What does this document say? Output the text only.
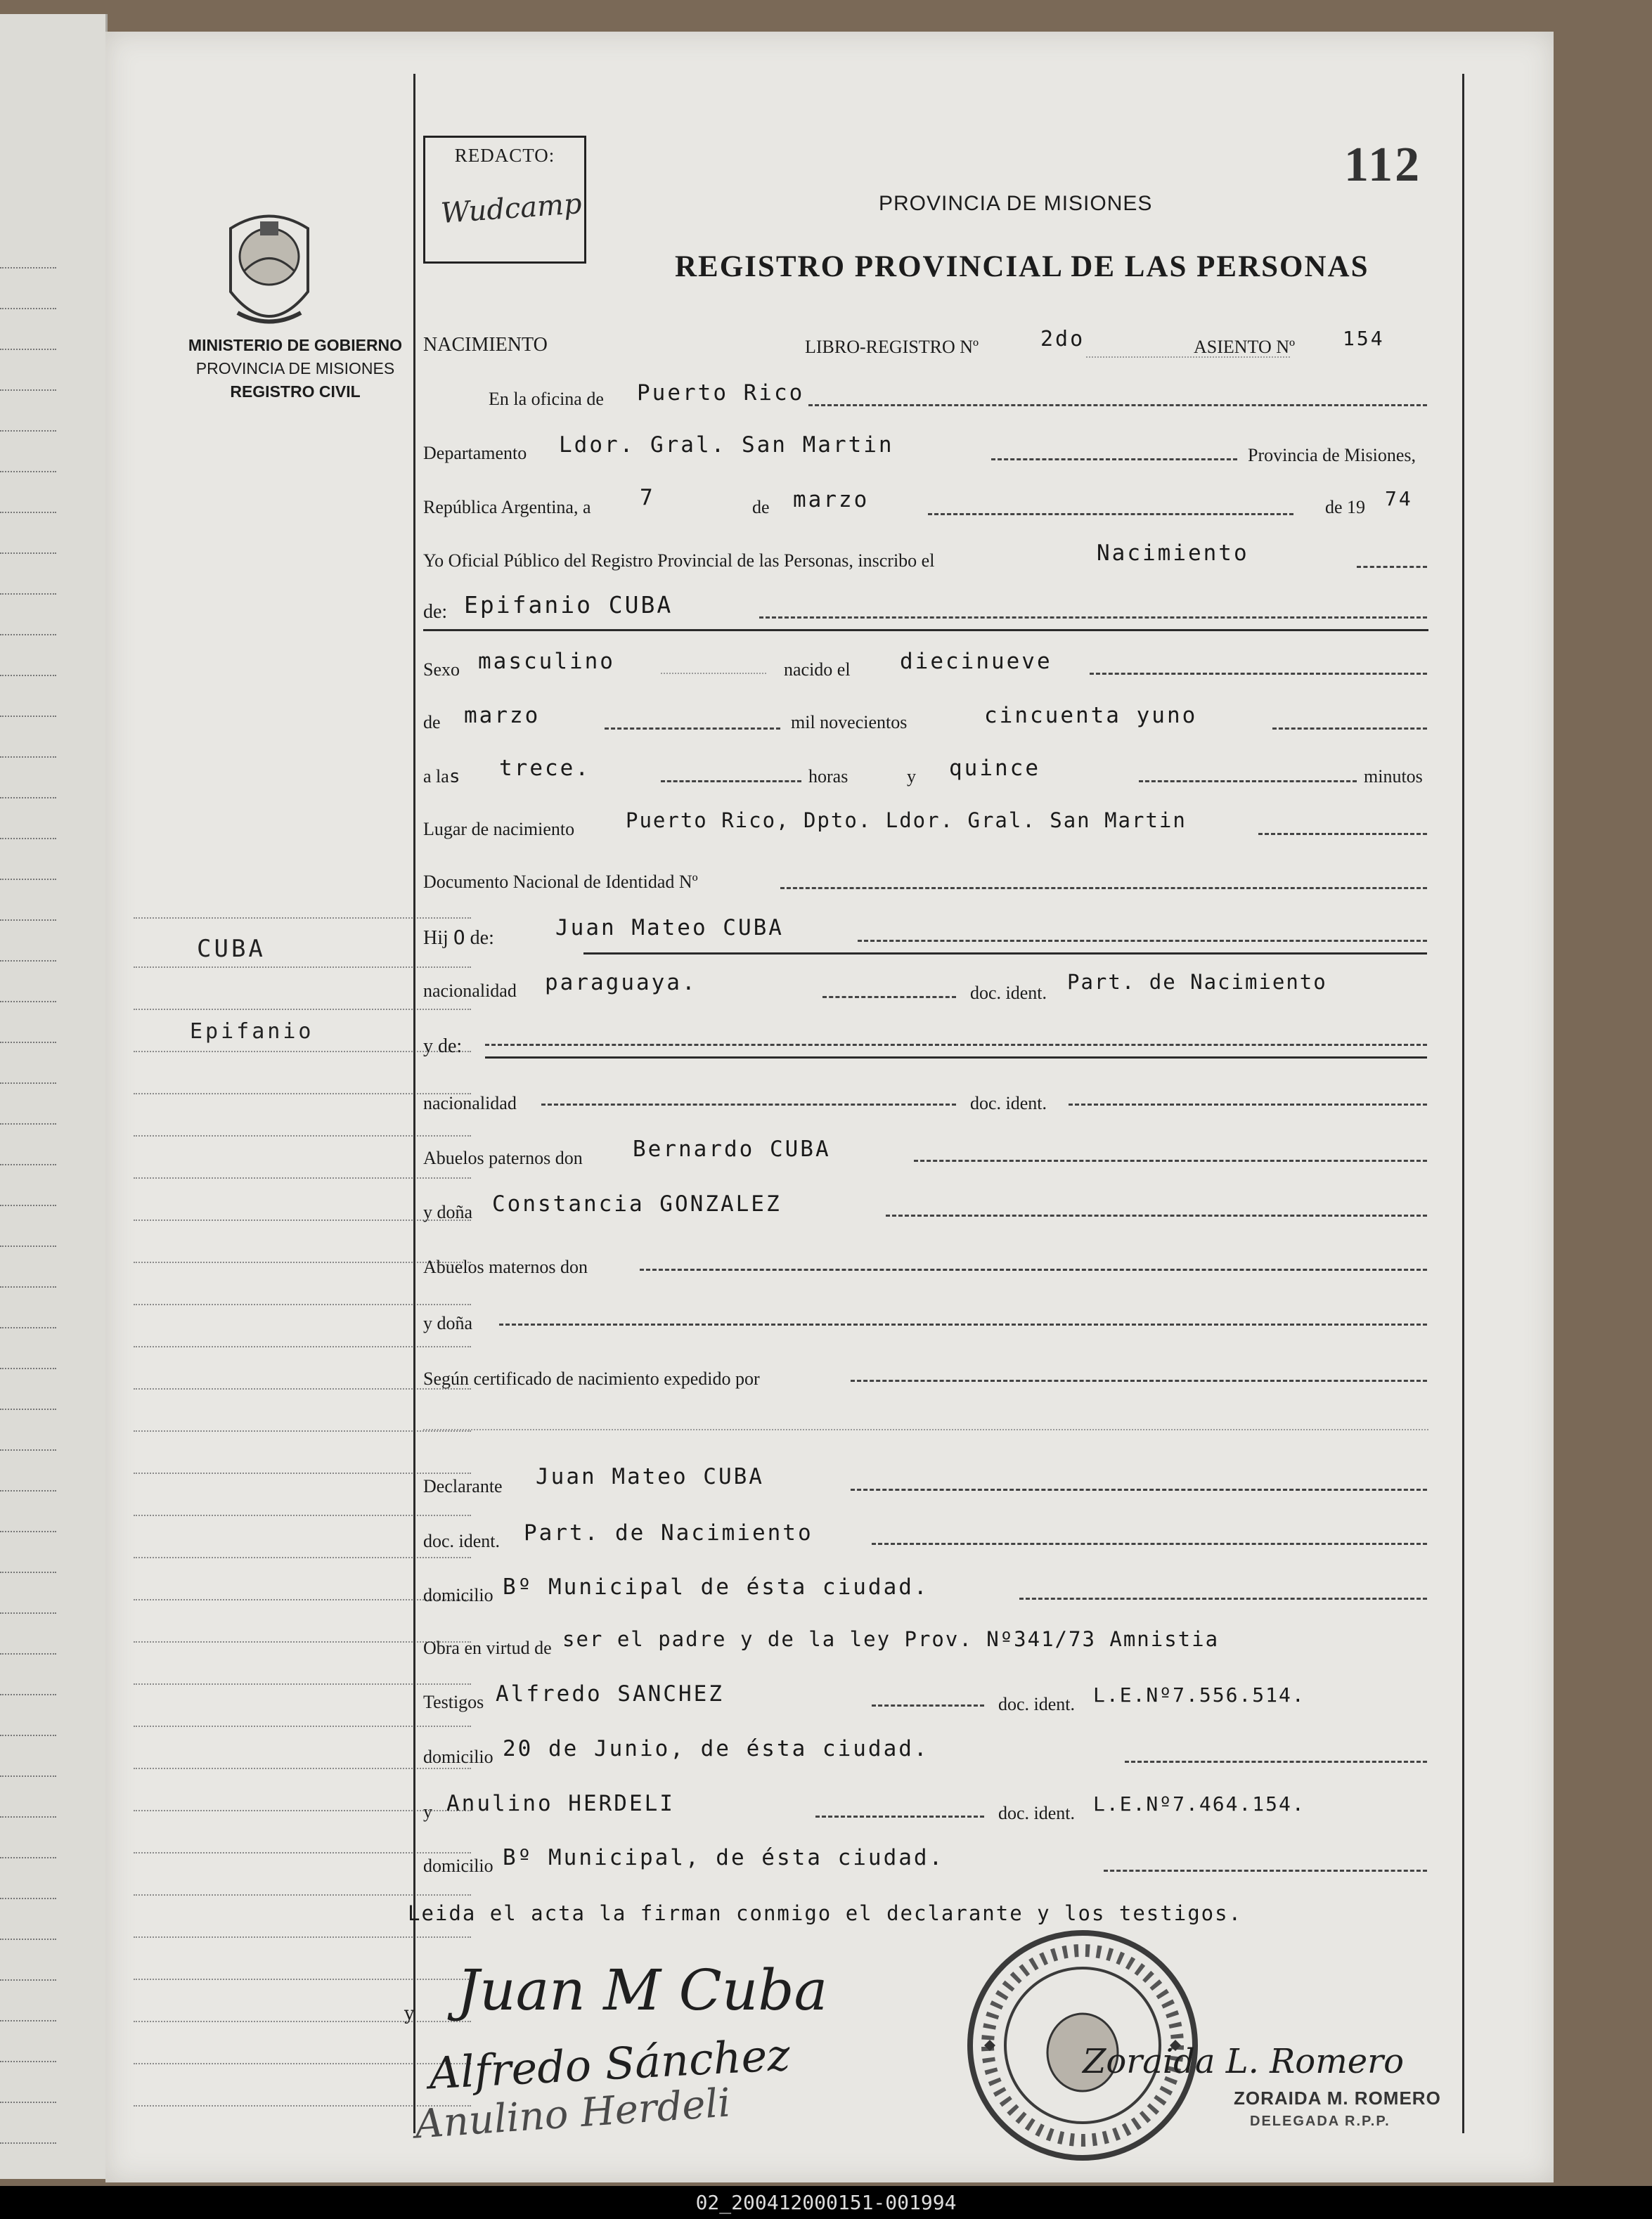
MINISTERIO DE GOBIERNO
PROVINCIA DE MISIONES
REGISTRO CIVIL
CUBA
Epifanio
REDACTO:
Wudcamp
112
PROVINCIA DE MISIONES
REGISTRO PROVINCIAL DE LAS PERSONAS
NACIMIENTO	LIBRO-REGISTRO Nº	2do	ASIENTO Nº 154
En la oficina de Puerto Rico
Departamento Ldor. Gral. San Martin	Provincia de Misiones,
República Argentina, a 7	de marzo	de 19 74
Yo Oficial Público del Registro Provincial de las Personas, inscribo el	Nacimiento
de: Epifanio CUBA
Sexo masculino	nacido el diecinueve
de marzo	mil novecientos	cincuenta yuno
a las trece.	horas	y quince	minutos
Lugar de nacimiento	Puerto Rico, Dpto. Ldor. Gral. San Martin
Documento Nacional de Identidad Nº
Hij O de:	Juan Mateo CUBA
nacionalidad paraguaya.	doc. ident. Part. de Nacimiento
y de:
nacionalidad	doc. ident.
Abuelos paternos don Bernardo CUBA
y doña Constancia GONZALEZ
Abuelos maternos don
y doña
Según certificado de nacimiento expedido por
Declarante Juan Mateo CUBA
doc. ident. Part. de Nacimiento
domicilio Bº Municipal de ésta ciudad.
Obra en virtud de ser el padre y de la ley Prov. Nº341/73 Amnistia
Testigos Alfredo SANCHEZ	doc. ident. L.E.Nº7.556.514.
domicilio 20 de Junio, de ésta ciudad.
y Anulino HERDELI	doc. ident. L.E.Nº7.464.154.
domicilio Bº Municipal, de ésta ciudad.
Leida el acta la firman conmigo el declarante y los testigos.
y Juan M Cuba
Alfredo Sánchez
Anulino Herdeli
Zoraida L. Romero
ZORAIDA M. ROMERO
DELEGADA R.P.P.
02_200412000151-001994
